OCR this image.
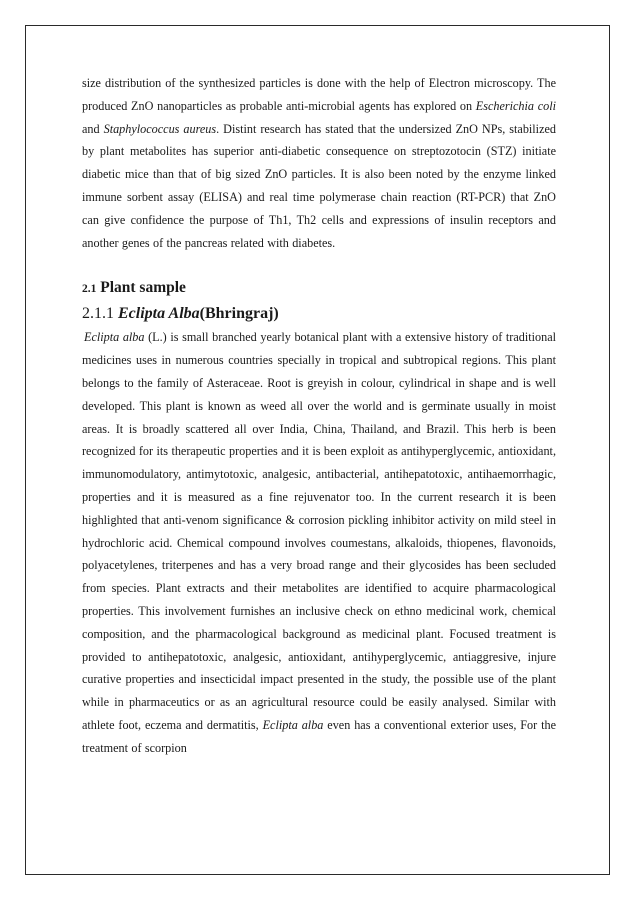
size distribution of the synthesized particles is done with the help of Electron microscopy. The produced ZnO nanoparticles as probable anti-microbial agents has explored on Escherichia coli and Staphylococcus aureus. Distint research has stated that the undersized ZnO NPs, stabilized by plant metabolites has superior anti-diabetic consequence on streptozotocin (STZ) initiate diabetic mice than that of big sized ZnO particles. It is also been noted by the enzyme linked immune sorbent assay (ELISA) and real time polymerase chain reaction (RT-PCR) that ZnO can give confidence the purpose of Th1, Th2 cells and expressions of insulin receptors and another genes of the pancreas related with diabetes.

2.1 Plant sample
2.1.1 Eclipta Alba(Bhringraj)

Eclipta alba (L.) is small branched yearly botanical plant with a extensive history of traditional medicines uses in numerous countries specially in tropical and subtropical regions. This plant belongs to the family of Asteraceae. Root is greyish in colour, cylindrical in shape and is well developed. This plant is known as weed all over the world and is germinate usually in moist areas. It is broadly scattered all over India, China, Thailand, and Brazil. This herb is been recognized for its therapeutic properties and it is been exploit as antihyperglycemic, antioxidant, immunomodulatory, antimytotoxic, analgesic, antibacterial, antihepatotoxic, antihaemorrhagic, properties and it is measured as a fine rejuvenator too. In the current research it is been highlighted that anti-venom significance & corrosion pickling inhibitor activity on mild steel in hydrochloric acid. Chemical compound involves coumestans, alkaloids, thiopenes, flavonoids, polyacetylenes, triterpenes and has a very broad range and their glycosides has been secluded from species. Plant extracts and their metabolites are identified to acquire pharmacological properties. This involvement furnishes an inclusive check on ethno medicinal work, chemical composition, and the pharmacological background as medicinal plant. Focused treatment is provided to antihepatotoxic, analgesic, antioxidant, antihyperglycemic, antiaggresive, injure curative properties and insecticidal impact presented in the study, the possible use of the plant while in pharmaceutics or as an agricultural resource could be easily analysed. Similar with athlete foot, eczema and dermatitis, Eclipta alba even has a conventional exterior uses, For the treatment of scorpion
